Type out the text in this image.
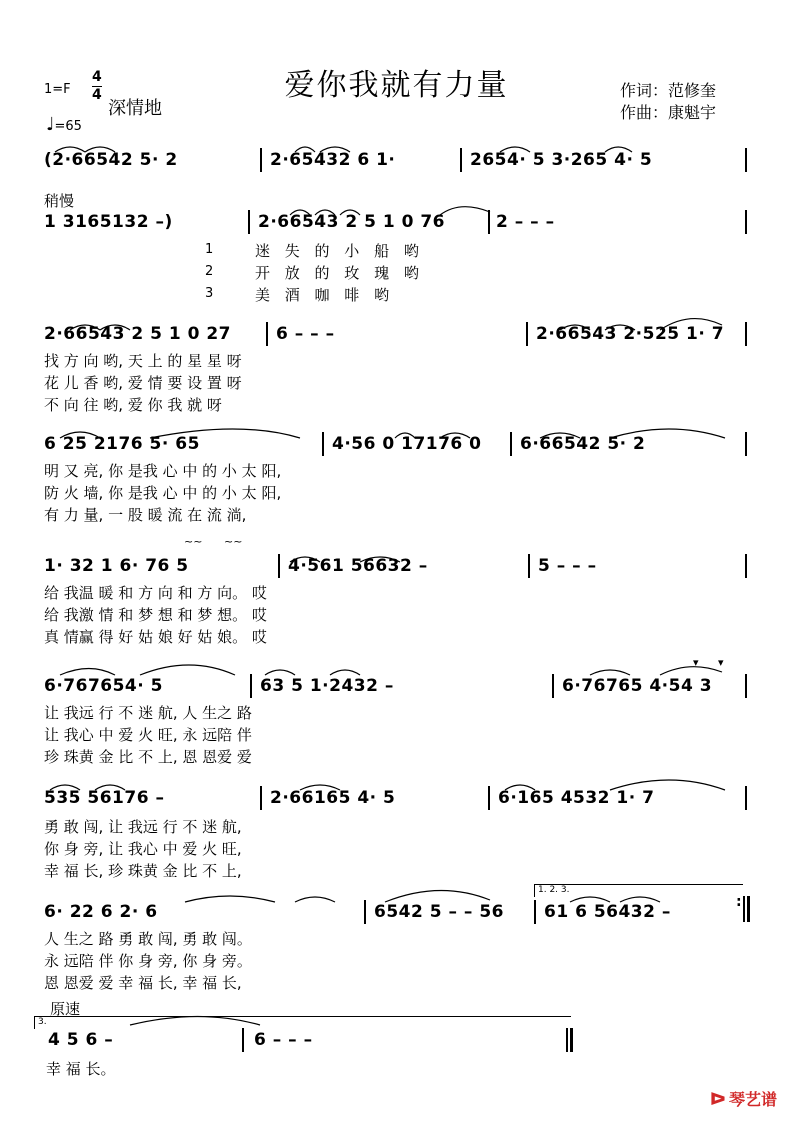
爱你我就有力量
1=F
4
4
深情地
♩=65
作词：范修奎
作曲：康魁宇
~~ ~~
▾ ▾
(2·66542 5· 2	2·65432 6 1·	2654· 5 3·265 4· 5
稍慢
1 3165132 –)	2·66543 2 5 1 0 76	2 – – –
1	迷 失 的 小 船 哟
2	开 放 的 玫 瑰 哟
3	美 酒 咖 啡 哟
2·66543 2 5 1 0 27	6 – – –	2·66543 2·525 1· 7
找 方 向 哟, 天 上 的 星 星 呀
花 儿 香 哟, 爱 情 要 设 置 呀
不 向 往 哟, 爱 你 我 就 呀
6 25 2176 5· 65	4·56 0 17176 0 6·66542 5· 2
明 又 亮, 你 是我 心 中 的 小 太 阳,
防 火 墙, 你 是我 心 中 的 小 太 阳,
有 力 量, 一 股 暖 流 在 流 淌,
1· 32 1 6· 76 5	4·561 56632 –	5 – – –
给 我温 暖 和 方 向 和 方 向。 哎
给 我激 情 和 梦 想 和 梦 想。 哎
真 情赢 得 好 姑 娘 好 姑 娘。 哎
6·767654· 5	63 5 1·2432 –	6·76765 4·54 3
让 我远 行 不 迷 航, 人 生之 路
让 我心 中 爱 火 旺, 永 远陪 伴
珍 珠黄 金 比 不 上, 恩 恩爱 爱
535 56176 –	2·66165 4· 5	6·165 4532 1· 7
勇 敢 闯, 让 我远 行 不 迷 航,
你 身 旁, 让 我心 中 爱 火 旺,
幸 福 长, 珍 珠黄 金 比 不 上,
1. 2. 3.
6· 22 6 2· 6	6542 5 – – 56 61 6 56432 –	:
人 生之 路 勇 敢 闯, 勇 敢 闯。
永 远陪 伴 你 身 旁, 你 身 旁。
恩 恩爱 爱 幸 福 长, 幸 福 长,
原速
3.
4 5 6 –	6 – – –
幸 福 长。
ᐅ 琴艺谱
